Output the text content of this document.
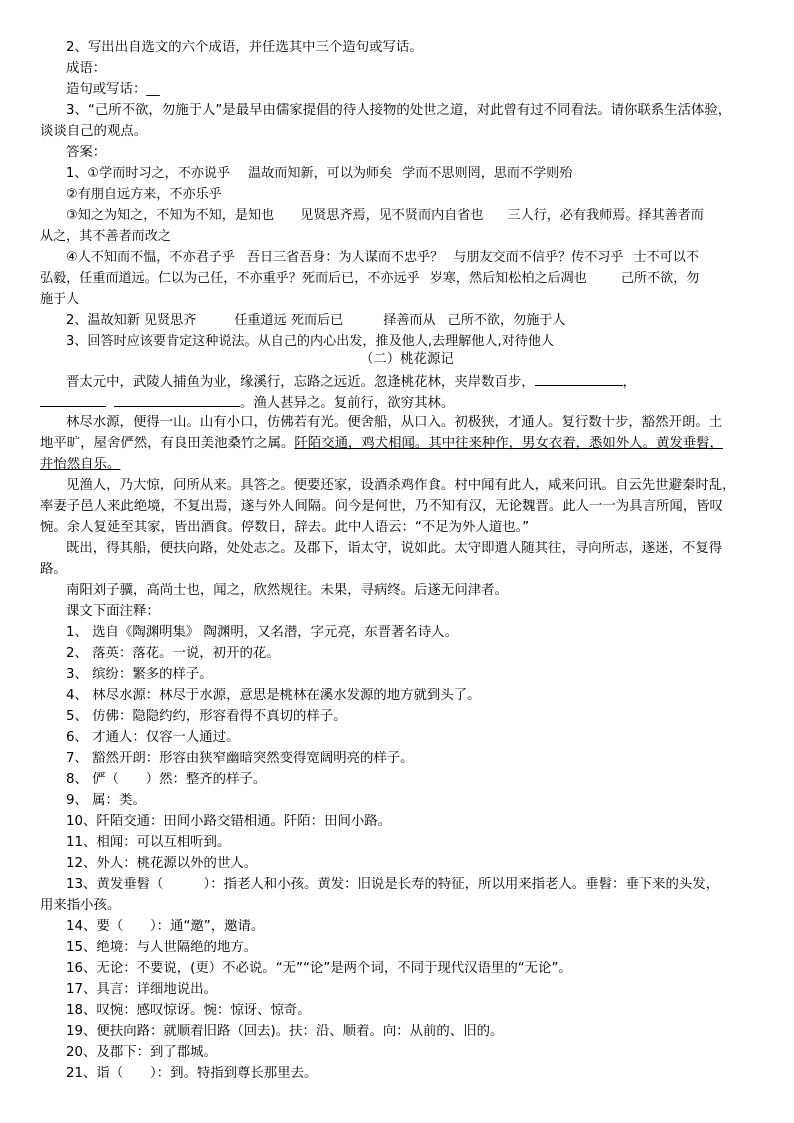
2、写出出自选文的六个成语，并任选其中三个造句或写话。
成语：
造句或写话：__
3、“己所不欲，勿施于人”是最早由儒家提倡的待人接物的处世之道，对此曾有过不同看法。请你联系生活体验，
谈谈自己的观点。
答案：
1、①学而时习之，不亦说乎 温故而知新，可以为师矣 学而不思则罔，思而不学则殆
②有朋自远方来，不亦乐乎
③知之为知之，不知为不知，是知也 见贤思齐焉，见不贤而内自省也 三人行，必有我师焉。择其善者而
从之，其不善者而改之
④人不知而不愠，不亦君子乎 吾日三省吾身：为人谋而不忠乎？ 与朋友交而不信乎？传不习乎 士不可以不
弘毅，任重而道远。仁以为己任，不亦重乎？死而后已，不亦远乎 岁寒，然后知松柏之后凋也	己所不欲，勿
施于人
2、温故知新 见贤思齐	任重道远 死而后已	择善而从 己所不欲，勿施于人
3、回答时应该要肯定这种说法。从自己的内心出发，推及他人,去理解他人,对待他人
（二）桃花源记
晋太元中，武陵人捕鱼为业，缘溪行，忘路之远近。忽逢桃花林，夹岸数百步，	，
。渔人甚异之。复前行，欲穷其林。
林尽水源，便得一山。山有小口，仿佛若有光。便舍船，从口入。初极狭，才通人。复行数十步，豁然开朗。土
地平旷，屋舍俨然，有良田美池桑竹之属。阡陌交通，鸡犬相闻。其中往来种作，男女衣着，悉如外人。黄发垂髫，
并怡然自乐。
见渔人，乃大惊，问所从来。具答之。便要还家，设酒杀鸡作食。村中闻有此人，咸来问讯。自云先世避秦时乱，
率妻子邑人来此绝境，不复出焉，遂与外人间隔。问今是何世，乃不知有汉，无论魏晋。此人一一为具言所闻，皆叹
惋。余人复延至其家，皆出酒食。停数日，辞去。此中人语云：“不足为外人道也。”
既出，得其船，便扶向路，处处志之。及郡下，诣太守，说如此。太守即遣人随其往，寻向所志，遂迷，不复得
路。
南阳刘子骥，高尚士也，闻之，欣然规往。未果，寻病终。后遂无问津者。
课文下面注释：
1、 选自《陶渊明集》 陶渊明，又名潜，字元亮，东晋著名诗人。
2、 落英：落花。一说，初开的花。
3、 缤纷：繁多的样子。
4、 林尽水源：林尽于水源，意思是桃林在溪水发源的地方就到头了。
5、 仿佛：隐隐约约，形容看得不真切的样子。
6、 才通人：仅容一人通过。
7、 豁然开朗：形容由狭窄幽暗突然变得宽阔明亮的样子。
8、 俨（　　）然：整齐的样子。
9、 属：类。
10、阡陌交通：田间小路交错相通。阡陌：田间小路。
11、相闻：可以互相听到。
12、外人：桃花源以外的世人。
13、黄发垂髫（　　　）：指老人和小孩。黄发：旧说是长寿的特征，所以用来指老人。垂髫：垂下来的头发，
用来指小孩。
14、要（　　）：通“邀”，邀请。
15、绝境：与人世隔绝的地方。
16、无论：不要说，(更）不必说。“无”“论”是两个词，不同于现代汉语里的“无论”。
17、具言：详细地说出。
18、叹惋：感叹惊讶。惋：惊讶、惊奇。
19、便扶向路：就顺着旧路（回去)。扶：沿、顺着。向：从前的、旧的。
20、及郡下：到了郡城。
21、诣（　　）：到。特指到尊长那里去。
